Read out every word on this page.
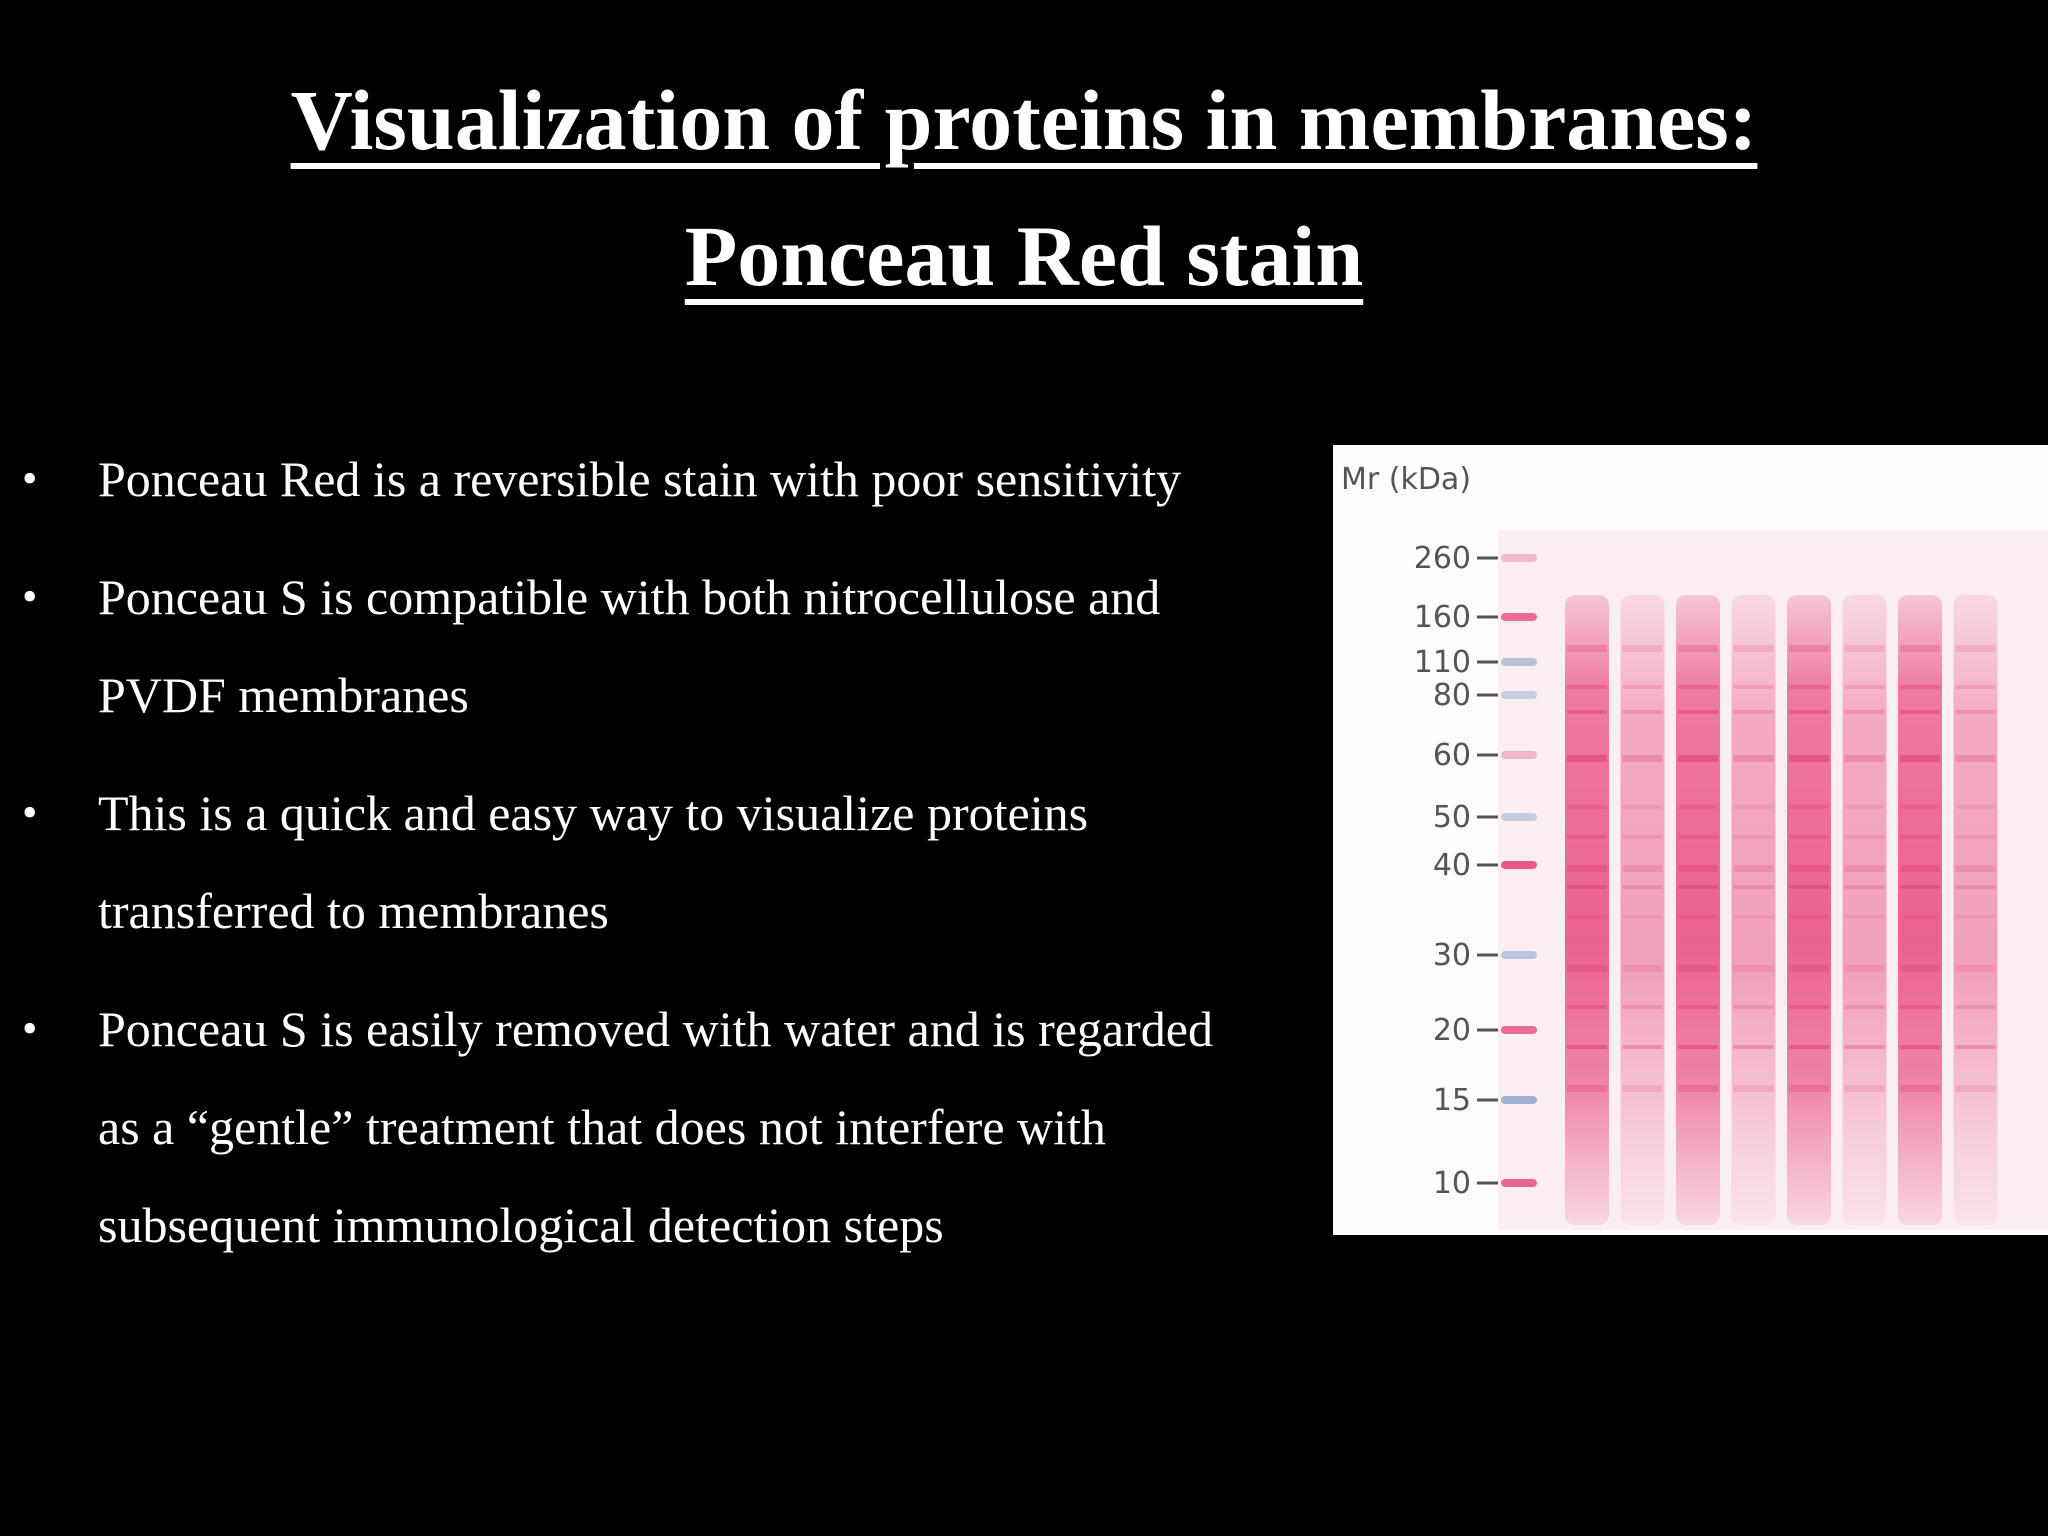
Visualization of proteins in membranes:
Ponceau Red stain
• Ponceau Red is a reversible stain with poor sensitivity
• Ponceau S is compatible with both nitrocellulose and
PVDF membranes
• This is a quick and easy way to visualize proteins
transferred to membranes
• Ponceau S is easily removed with water and is regarded
as a “gentle” treatment that does not interfere with
subsequent immunological detection steps
Mr (kDa)
260
160
110
80
60
50
40
30
20
15
10
